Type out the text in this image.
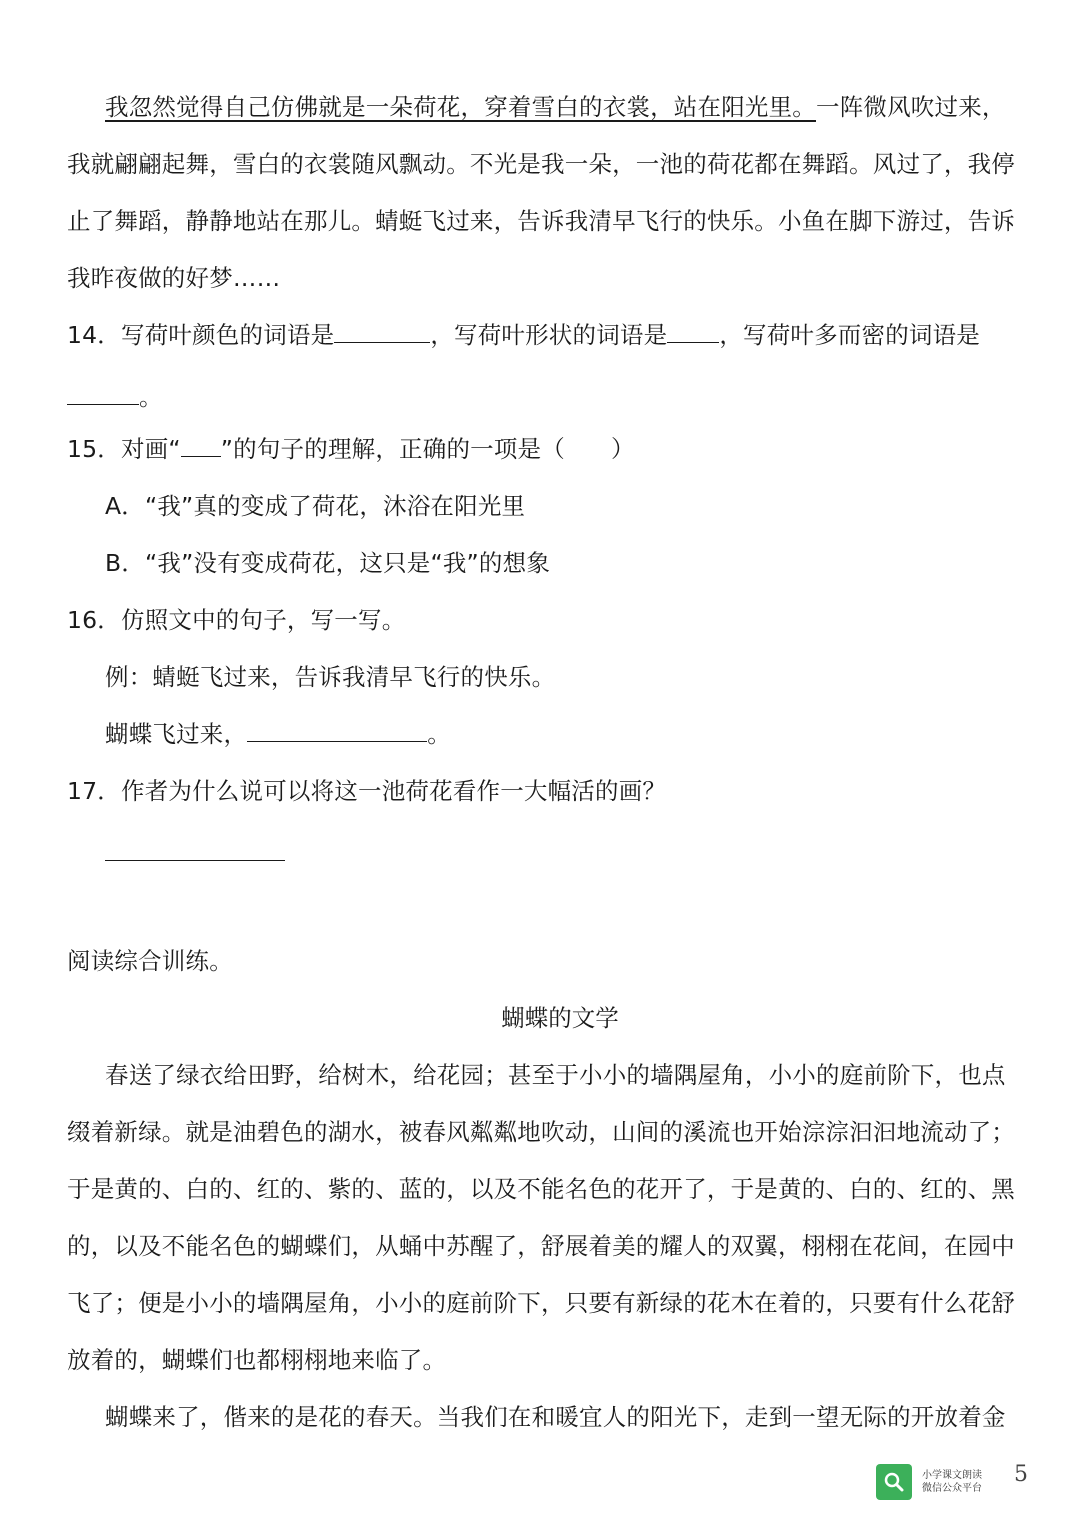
我忽然觉得自己仿佛就是一朵荷花，穿着雪白的衣裳，站在阳光里。一阵微风吹过来，
我就翩翩起舞，雪白的衣裳随风飘动。不光是我一朵，一池的荷花都在舞蹈。风过了，我停
止了舞蹈，静静地站在那儿。蜻蜓飞过来，告诉我清早飞行的快乐。小鱼在脚下游过，告诉
我昨夜做的好梦……
14．写荷叶颜色的词语是	，写荷叶形状的词语是 ，写荷叶多而密的词语是
。
15．对画“ ”的句子的理解，正确的一项是（ ）
A．“我”真的变成了荷花，沐浴在阳光里
B．“我”没有变成荷花，这只是“我”的想象
16．仿照文中的句子，写一写。
例：蜻蜓飞过来，告诉我清早飞行的快乐。
蝴蝶飞过来，	。
17．作者为什么说可以将这一池荷花看作一大幅活的画？
阅读综合训练。
蝴蝶的文学
春送了绿衣给田野，给树木，给花园；甚至于小小的墙隅屋角，小小的庭前阶下，也点
缀着新绿。就是油碧色的湖水，被春风粼粼地吹动，山间的溪流也开始淙淙汩汩地流动了；
于是黄的、白的、红的、紫的、蓝的，以及不能名色的花开了，于是黄的、白的、红的、黑
的，以及不能名色的蝴蝶们，从蛹中苏醒了，舒展着美的耀人的双翼，栩栩在花间，在园中
飞了；便是小小的墙隅屋角，小小的庭前阶下，只要有新绿的花木在着的，只要有什么花舒
放着的，蝴蝶们也都栩栩地来临了。
蝴蝶来了，偕来的是花的春天。当我们在和暖宜人的阳光下，走到一望无际的开放着金
小学课文朗读
微信公众平台
5
